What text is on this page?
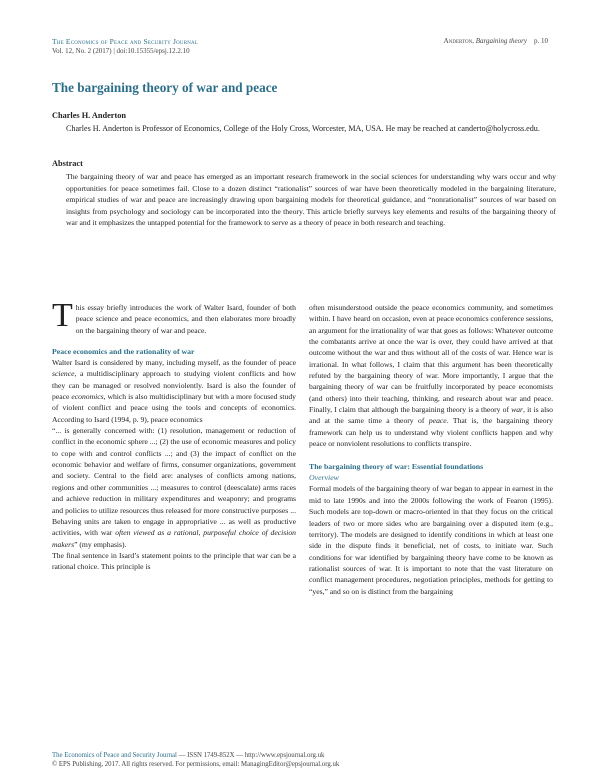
The Economics of Peace and Security Journal
Vol. 12, No. 2 (2017) | doi:10.15355/epsj.12.2.10
Anderton, Bargaining theory p. 10
The bargaining theory of war and peace
Charles H. Anderton
Charles H. Anderton is Professor of Economics, College of the Holy Cross, Worcester, MA, USA. He may be reached at canderto@holycross.edu.
Abstract
The bargaining theory of war and peace has emerged as an important research framework in the social sciences for understanding why wars occur and why opportunities for peace sometimes fail. Close to a dozen distinct “rationalist” sources of war have been theoretically modeled in the bargaining literature, empirical studies of war and peace are increasingly drawing upon bargaining models for theoretical guidance, and “nonrationalist” sources of war based on insights from psychology and sociology can be incorporated into the theory. This article briefly surveys key elements and results of the bargaining theory of war and it emphasizes the untapped potential for the framework to serve as a theory of peace in both research and teaching.

This essay briefly introduces the work of Walter Isard, founder of both peace science and peace economics, and then elaborates more broadly on the bargaining theory of war and peace.

Peace economics and the rationality of war

Walter Isard is considered by many, including myself, as the founder of peace science, a multidisciplinary approach to studying violent conflicts and how they can be managed or resolved nonviolently. Isard is also the founder of peace economics, which is also multidisciplinary but with a more focused study of violent conflict and peace using the tools and concepts of economics. According to Isard (1994, p. 9), peace economics

“... is generally concerned with: (1) resolution, management or reduction of conflict in the economic sphere ...; (2) the use of economic measures and policy to cope with and control conflicts ...; and (3) the impact of conflict on the economic behavior and welfare of firms, consumer organizations, government and society. Central to the field are: analyses of conflicts among nations, regions and other communities ...; measures to control (deescalate) arms races and achieve reduction in military expenditures and weaponry; and programs and policies to utilize resources thus released for more constructive purposes ... Behaving units are taken to engage in appropriative ... as well as productive activities, with war often viewed as a rational, purposeful choice of decision makers” (my emphasis).

The final sentence in Isard’s statement points to the principle that war can be a rational choice. This principle is

often misunderstood outside the peace economics community, and sometimes within. I have heard on occasion, even at peace economics conference sessions, an argument for the irrationality of war that goes as follows: Whatever outcome the combatants arrive at once the war is over, they could have arrived at that outcome without the war and thus without all of the costs of war. Hence war is irrational. In what follows, I claim that this argument has been theoretically refuted by the bargaining theory of war. More importantly, I argue that the bargaining theory of war can be fruitfully incorporated by peace economists (and others) into their teaching, thinking, and research about war and peace. Finally, I claim that although the bargaining theory is a theory of war, it is also and at the same time a theory of peace. That is, the bargaining theory framework can help us to understand why violent conflicts happen and why peace or nonviolent resolutions to conflicts transpire.

The bargaining theory of war: Essential foundations
Overview

Formal models of the bargaining theory of war began to appear in earnest in the mid to late 1990s and into the 2000s following the work of Fearon (1995). Such models are top-down or macro-oriented in that they focus on the critical leaders of two or more sides who are bargaining over a disputed item (e.g., territory). The models are designed to identify conditions in which at least one side in the dispute finds it beneficial, net of costs, to initiate war. Such conditions for war identified by bargaining theory have come to be known as rationalist sources of war. It is important to note that the vast literature on conflict management procedures, negotiation principles, methods for getting to “yes,” and so on is distinct from the bargaining

The Economics of Peace and Security Journal — ISSN 1749-852X — http://www.epsjournal.org.uk
© EPS Publishing, 2017. All rights reserved. For permissions, email: ManagingEditor@epsjournal.org.uk
